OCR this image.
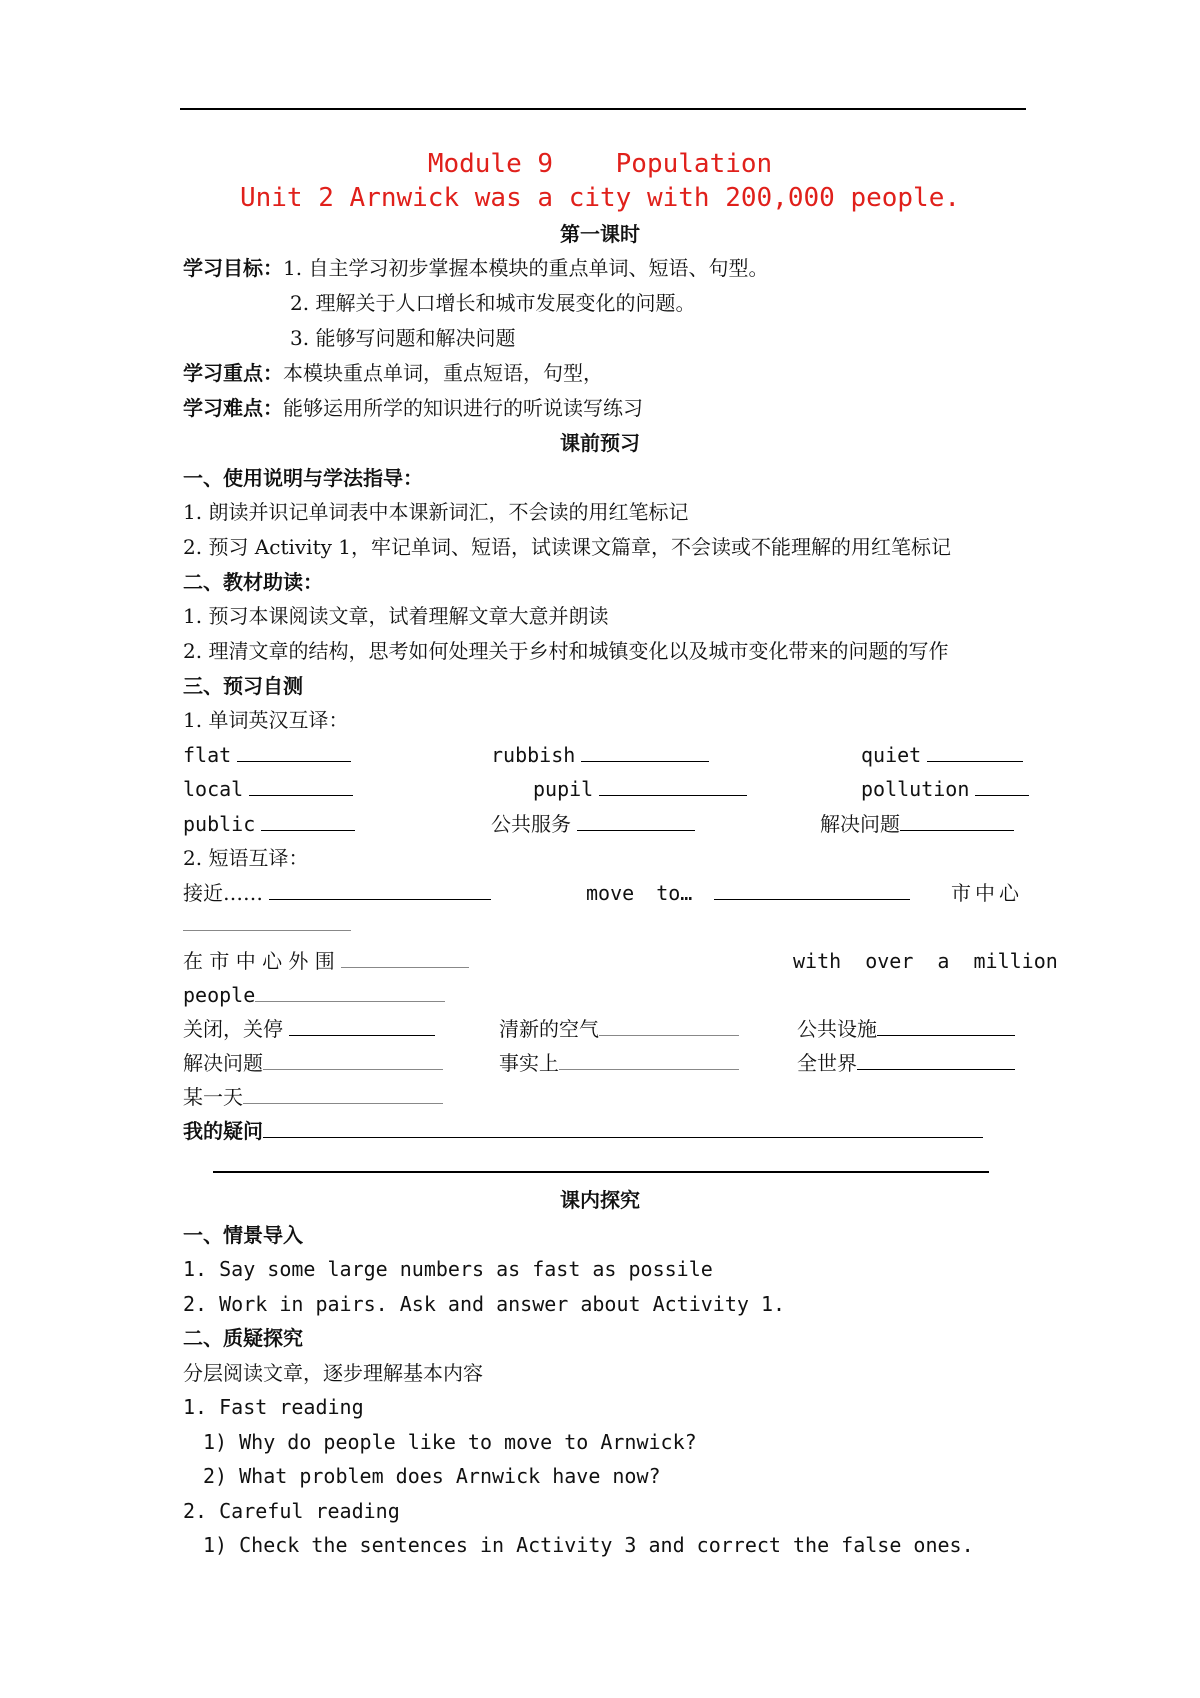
Module 9    Population
Unit 2 Arnwick was a city with 200,000 people.
第一课时
学习目标：1. 自主学习初步掌握本模块的重点单词、短语、句型。
2. 理解关于人口增长和城市发展变化的问题。
3. 能够写问题和解决问题
学习重点：本模块重点单词，重点短语，句型，
学习难点：能够运用所学的知识进行的听说读写练习
课前预习
一、使用说明与学法指导：
1. 朗读并识记单词表中本课新词汇，不会读的用红笔标记
2. 预习 Activity 1，牢记单词、短语，试读课文篇章，不会读或不能理解的用红笔标记
二、教材助读：
1. 预习本课阅读文章，试着理解文章大意并朗读
2. 理清文章的结构，思考如何处理关于乡村和城镇变化以及城市变化带来的问题的写作
三、预习自测
1. 单词英汉互译：
flat	rubbish	quiet
local	pupil	pollution
public	公共服务	解决问题
2. 短语互译：
接近……	move to…	市中心
在 市 中 心 外 围	with over a million
people
关闭，关停	清新的空气	公共设施
解决问题	事实上	全世界
某一天
我的疑问
课内探究
一、情景导入
1. Say some large numbers as fast as possile
2. Work in pairs. Ask and answer about Activity 1.
二、质疑探究
分层阅读文章，逐步理解基本内容
1. Fast reading
1) Why do people like to move to Arnwick?
2) What problem does Arnwick have now?
2. Careful reading
1) Check the sentences in Activity 3 and correct the false ones.
